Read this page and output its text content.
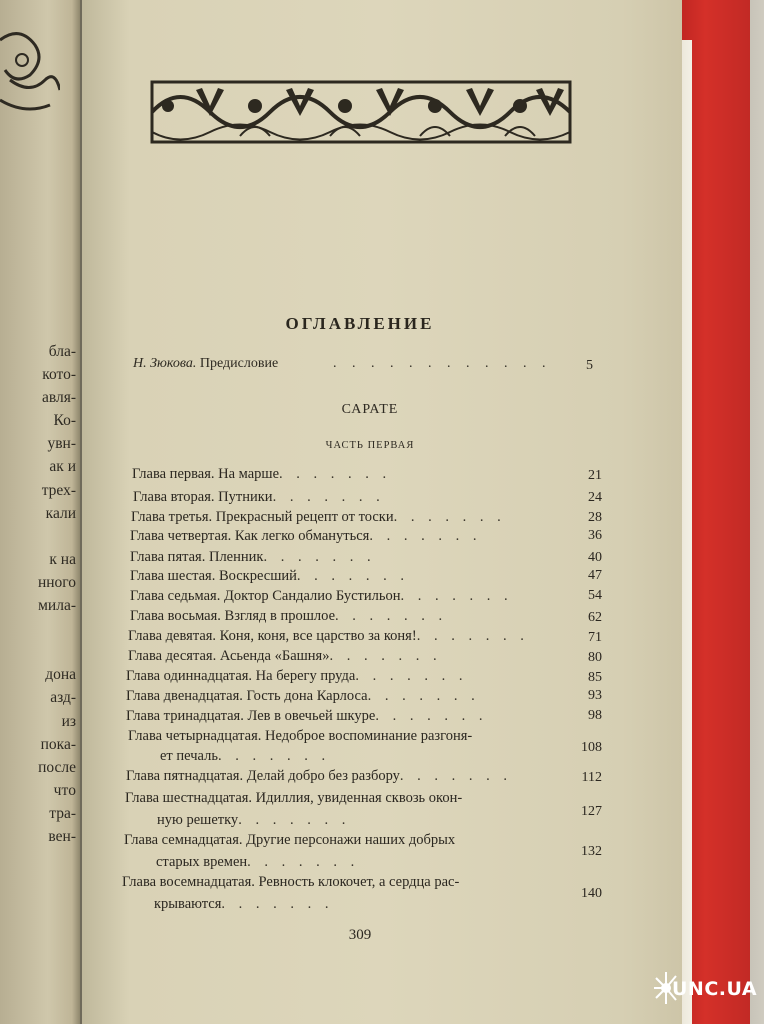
бла-
кото-
авля-
Ко-
увн-
ак и
трех-
кали

к на
нного
мила-

дона
азд-
из
пока-
после
чтo
тра-
вен-
ОГЛАВЛЕНИЕ
Н. Зюкова. Предисловие	. . . . . . . . . . . . 5
САРАТЕ
ЧАСТЬ ПЕРВАЯ
Глава первая. На марше. . . . . . .	21
Глава вторая. Путники. . . . . . .	24
Глава третья. Прекрасный рецепт от тоски. . . . . . .	28
Глава четвертая. Как легко обмануться. . . . . . .	36
Глава пятая. Пленник. . . . . . .	40
Глава шестая. Воскресший. . . . . . .	47
Глава седьмая. Доктор Сандалио Бустильон. . . . . . .	54
Глава восьмая. Взгляд в прошлое. . . . . . .	62
Глава девятая. Коня, коня, все царство за коня!. . . . . . .	71
Глава десятая. Асьенда «Башня». . . . . . .	80
Глава одиннадцатая. На берегу пруда. . . . . . .	85
Глава двенадцатая. Гость дона Карлоса. . . . . . .	93
Глава тринадцатая. Лев в овечьей шкуре. . . . . . .	98
Глава четырнадцатая. Недоброе воспоминание разгоня-
ет печаль. . . . . . .
108
Глава пятнадцатая. Делай добро без разбору. . . . . . .	112
Глава шестнадцатая. Идиллия, увиденная сквозь окон-
ную решетку. . . . . . .
127
Глава семнадцатая. Другие персонажи наших добрых
старых времен. . . . . . .
132
Глава восемнадцатая. Ревность клокочет, а сердца рас-
крываются. . . . . . .
140
309
UNC.UA
